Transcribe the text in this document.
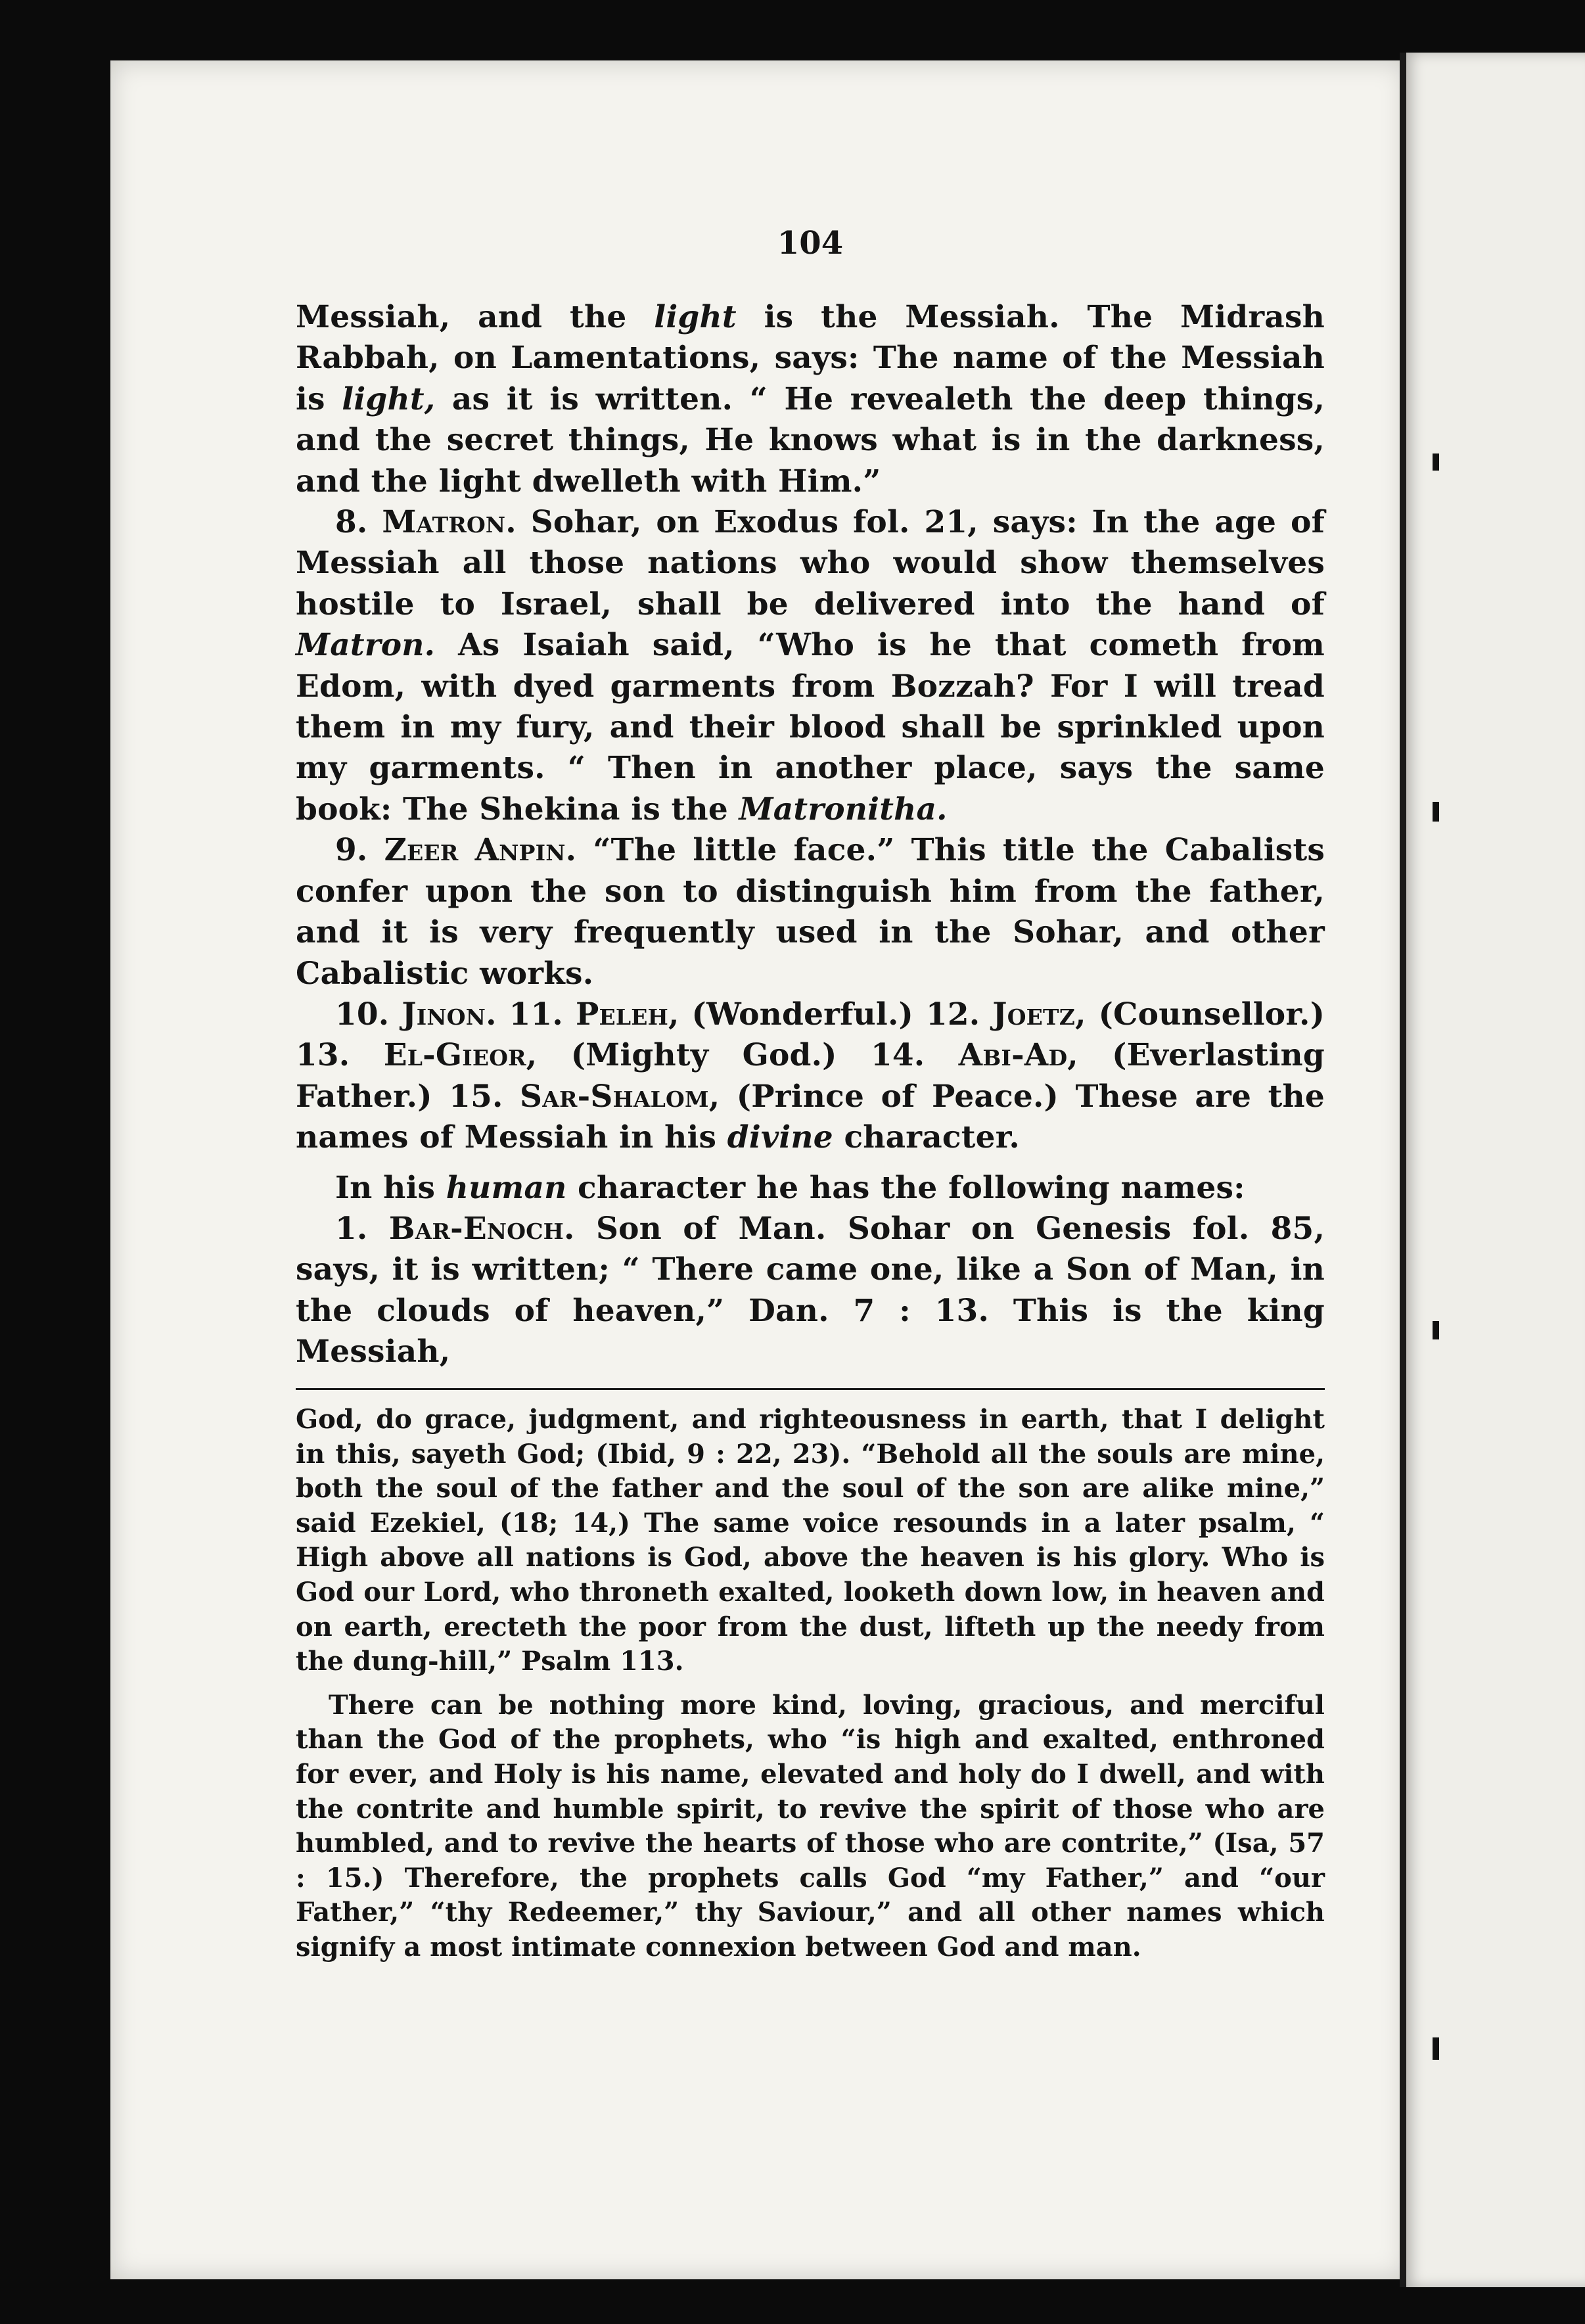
104

Messiah, and the light is the Messiah. The Midrash Rabbah, on Lamentations, says: The name of the Messiah is light, as it is written. “ He revealeth the deep things, and the secret things, He knows what is in the darkness, and the light dwelleth with Him.”

8. Matron. Sohar, on Exodus fol. 21, says: In the age of Messiah all those nations who would show themselves hostile to Israel, shall be delivered into the hand of Matron. As Isaiah said, “Who is he that cometh from Edom, with dyed garments from Bozzah? For I will tread them in my fury, and their blood shall be sprinkled upon my garments. “ Then in another place, says the same book: The Shekina is the Matronitha.

9. Zeer Anpin. “The little face.” This title the Cabalists confer upon the son to distinguish him from the father, and it is very frequently used in the Sohar, and other Cabalistic works.

10. Jinon. 11. Peleh, (Wonderful.) 12. Joetz, (Counsellor.) 13. El-Gieor, (Mighty God.) 14. Abi-Ad, (Everlasting Father.) 15. Sar-Shalom, (Prince of Peace.) These are the names of Messiah in his divine character.

In his human character he has the following names:

1. Bar-Enoch. Son of Man. Sohar on Genesis fol. 85, says, it is written; “ There came one, like a Son of Man, in the clouds of heaven,” Dan. 7 : 13. This is the king Messiah,

God, do grace, judgment, and righteousness in earth, that I delight in this, sayeth God; (Ibid, 9 : 22, 23). “Behold all the souls are mine, both the soul of the father and the soul of the son are alike mine,” said Ezekiel, (18; 14,) The same voice resounds in a later psalm, “ High above all nations is God, above the heaven is his glory. Who is God our Lord, who throneth exalted, looketh down low, in heaven and on earth, erecteth the poor from the dust, lifteth up the needy from the dung-hill,” Psalm 113.

There can be nothing more kind, loving, gracious, and merciful than the God of the prophets, who “is high and exalted, enthroned for ever, and Holy is his name, elevated and holy do I dwell, and with the contrite and humble spirit, to revive the spirit of those who are humbled, and to revive the hearts of those who are contrite,” (Isa, 57 : 15.) Therefore, the prophets calls God “my Father,” and “our Father,” “thy Redeemer,” thy Saviour,” and all other names which signify a most intimate connexion between God and man.
